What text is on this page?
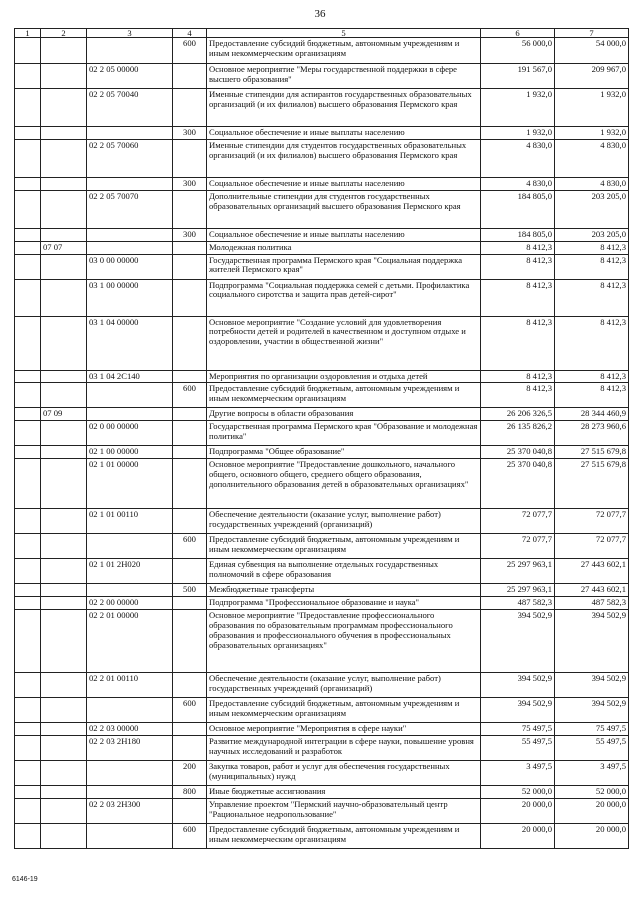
36
1	2	3	4	5	6	7
			600	Предоставление субсидий бюджетным, автономным учреждениям и иным некоммерческим организациям	56 000,0	54 000,0
		02 2 05 00000		Основное мероприятие "Меры государственной поддержки в сфере высшего образования"	191 567,0	209 967,0
		02 2 05 70040		Именные стипендии для аспирантов государственных образовательных организаций (и их филиалов) высшего образования Пермского края	1 932,0	1 932,0
			300	Социальное обеспечение и иные выплаты населению	1 932,0	1 932,0
		02 2 05 70060		Именные стипендии для студентов государственных образовательных организаций (и их филиалов) высшего образования Пермского края	4 830,0	4 830,0
			300	Социальное обеспечение и иные выплаты населению	4 830,0	4 830,0
		02 2 05 70070		Дополнительные стипендии для студентов государственных образовательных организаций высшего образования Пермского края	184 805,0	203 205,0
			300	Социальное обеспечение и иные выплаты населению	184 805,0	203 205,0
	07 07			Молодежная политика	8 412,3	8 412,3
		03 0 00 00000		Государственная программа Пермского края "Социальная поддержка жителей Пермского края"	8 412,3	8 412,3
		03 1 00 00000		Подпрограмма "Социальная поддержка семей с детьми. Профилактика социального сиротства и защита прав детей-сирот"	8 412,3	8 412,3
		03 1 04 00000		Основное мероприятие "Создание условий для удовлетворения потребности детей и родителей в качественном и доступном отдыхе и оздоровлении, участии в общественной жизни"	8 412,3	8 412,3
		03 1 04 2С140		Мероприятия по организации оздоровления и отдыха детей	8 412,3	8 412,3
			600	Предоставление субсидий бюджетным, автономным учреждениям и иным некоммерческим организациям	8 412,3	8 412,3
	07 09			Другие вопросы в области образования	26 206 326,5	28 344 460,9
		02 0 00 00000		Государственная программа Пермского края "Образование и молодежная политика"	26 135 826,2	28 273 960,6
		02 1 00 00000		Подпрограмма "Общее образование"	25 370 040,8	27 515 679,8
		02 1 01 00000		Основное мероприятие "Предоставление дошкольного, начального общего, основного общего, среднего общего образования, дополнительного образования детей в образовательных организациях"	25 370 040,8	27 515 679,8
		02 1 01 00110		Обеспечение деятельности (оказание услуг, выполнение работ) государственных учреждений (организаций)	72 077,7	72 077,7
			600	Предоставление субсидий бюджетным, автономным учреждениям и иным некоммерческим организациям	72 077,7	72 077,7
		02 1 01 2Н020		Единая субвенция на выполнение отдельных государственных полномочий в сфере образования	25 297 963,1	27 443 602,1
			500	Межбюджетные трансферты	25 297 963,1	27 443 602,1
		02 2 00 00000		Подпрограмма "Профессиональное образование и наука"	487 582,3	487 582,3
		02 2 01 00000		Основное мероприятие "Предоставление профессионального образования по образовательным программам профессионального образования и профессионального обучения в профессиональных образовательных организациях"	394 502,9	394 502,9
		02 2 01 00110		Обеспечение деятельности (оказание услуг, выполнение работ) государственных учреждений (организаций)	394 502,9	394 502,9
			600	Предоставление субсидий бюджетным, автономным учреждениям и иным некоммерческим организациям	394 502,9	394 502,9
		02 2 03 00000		Основное мероприятие "Мероприятия в сфере науки"	75 497,5	75 497,5
		02 2 03 2Н180		Развитие международной интеграции в сфере науки, повышение уровня научных исследований и разработок	55 497,5	55 497,5
			200	Закупка товаров, работ и услуг для обеспечения государственных (муниципальных) нужд	3 497,5	3 497,5
			800	Иные бюджетные ассигнования	52 000,0	52 000,0
		02 2 03 2Н300		Управление проектом "Пермский научно-образовательный центр "Рациональное недропользование"	20 000,0	20 000,0
			600	Предоставление субсидий бюджетным, автономным учреждениям и иным некоммерческим организациям	20 000,0	20 000,0
6146-19
